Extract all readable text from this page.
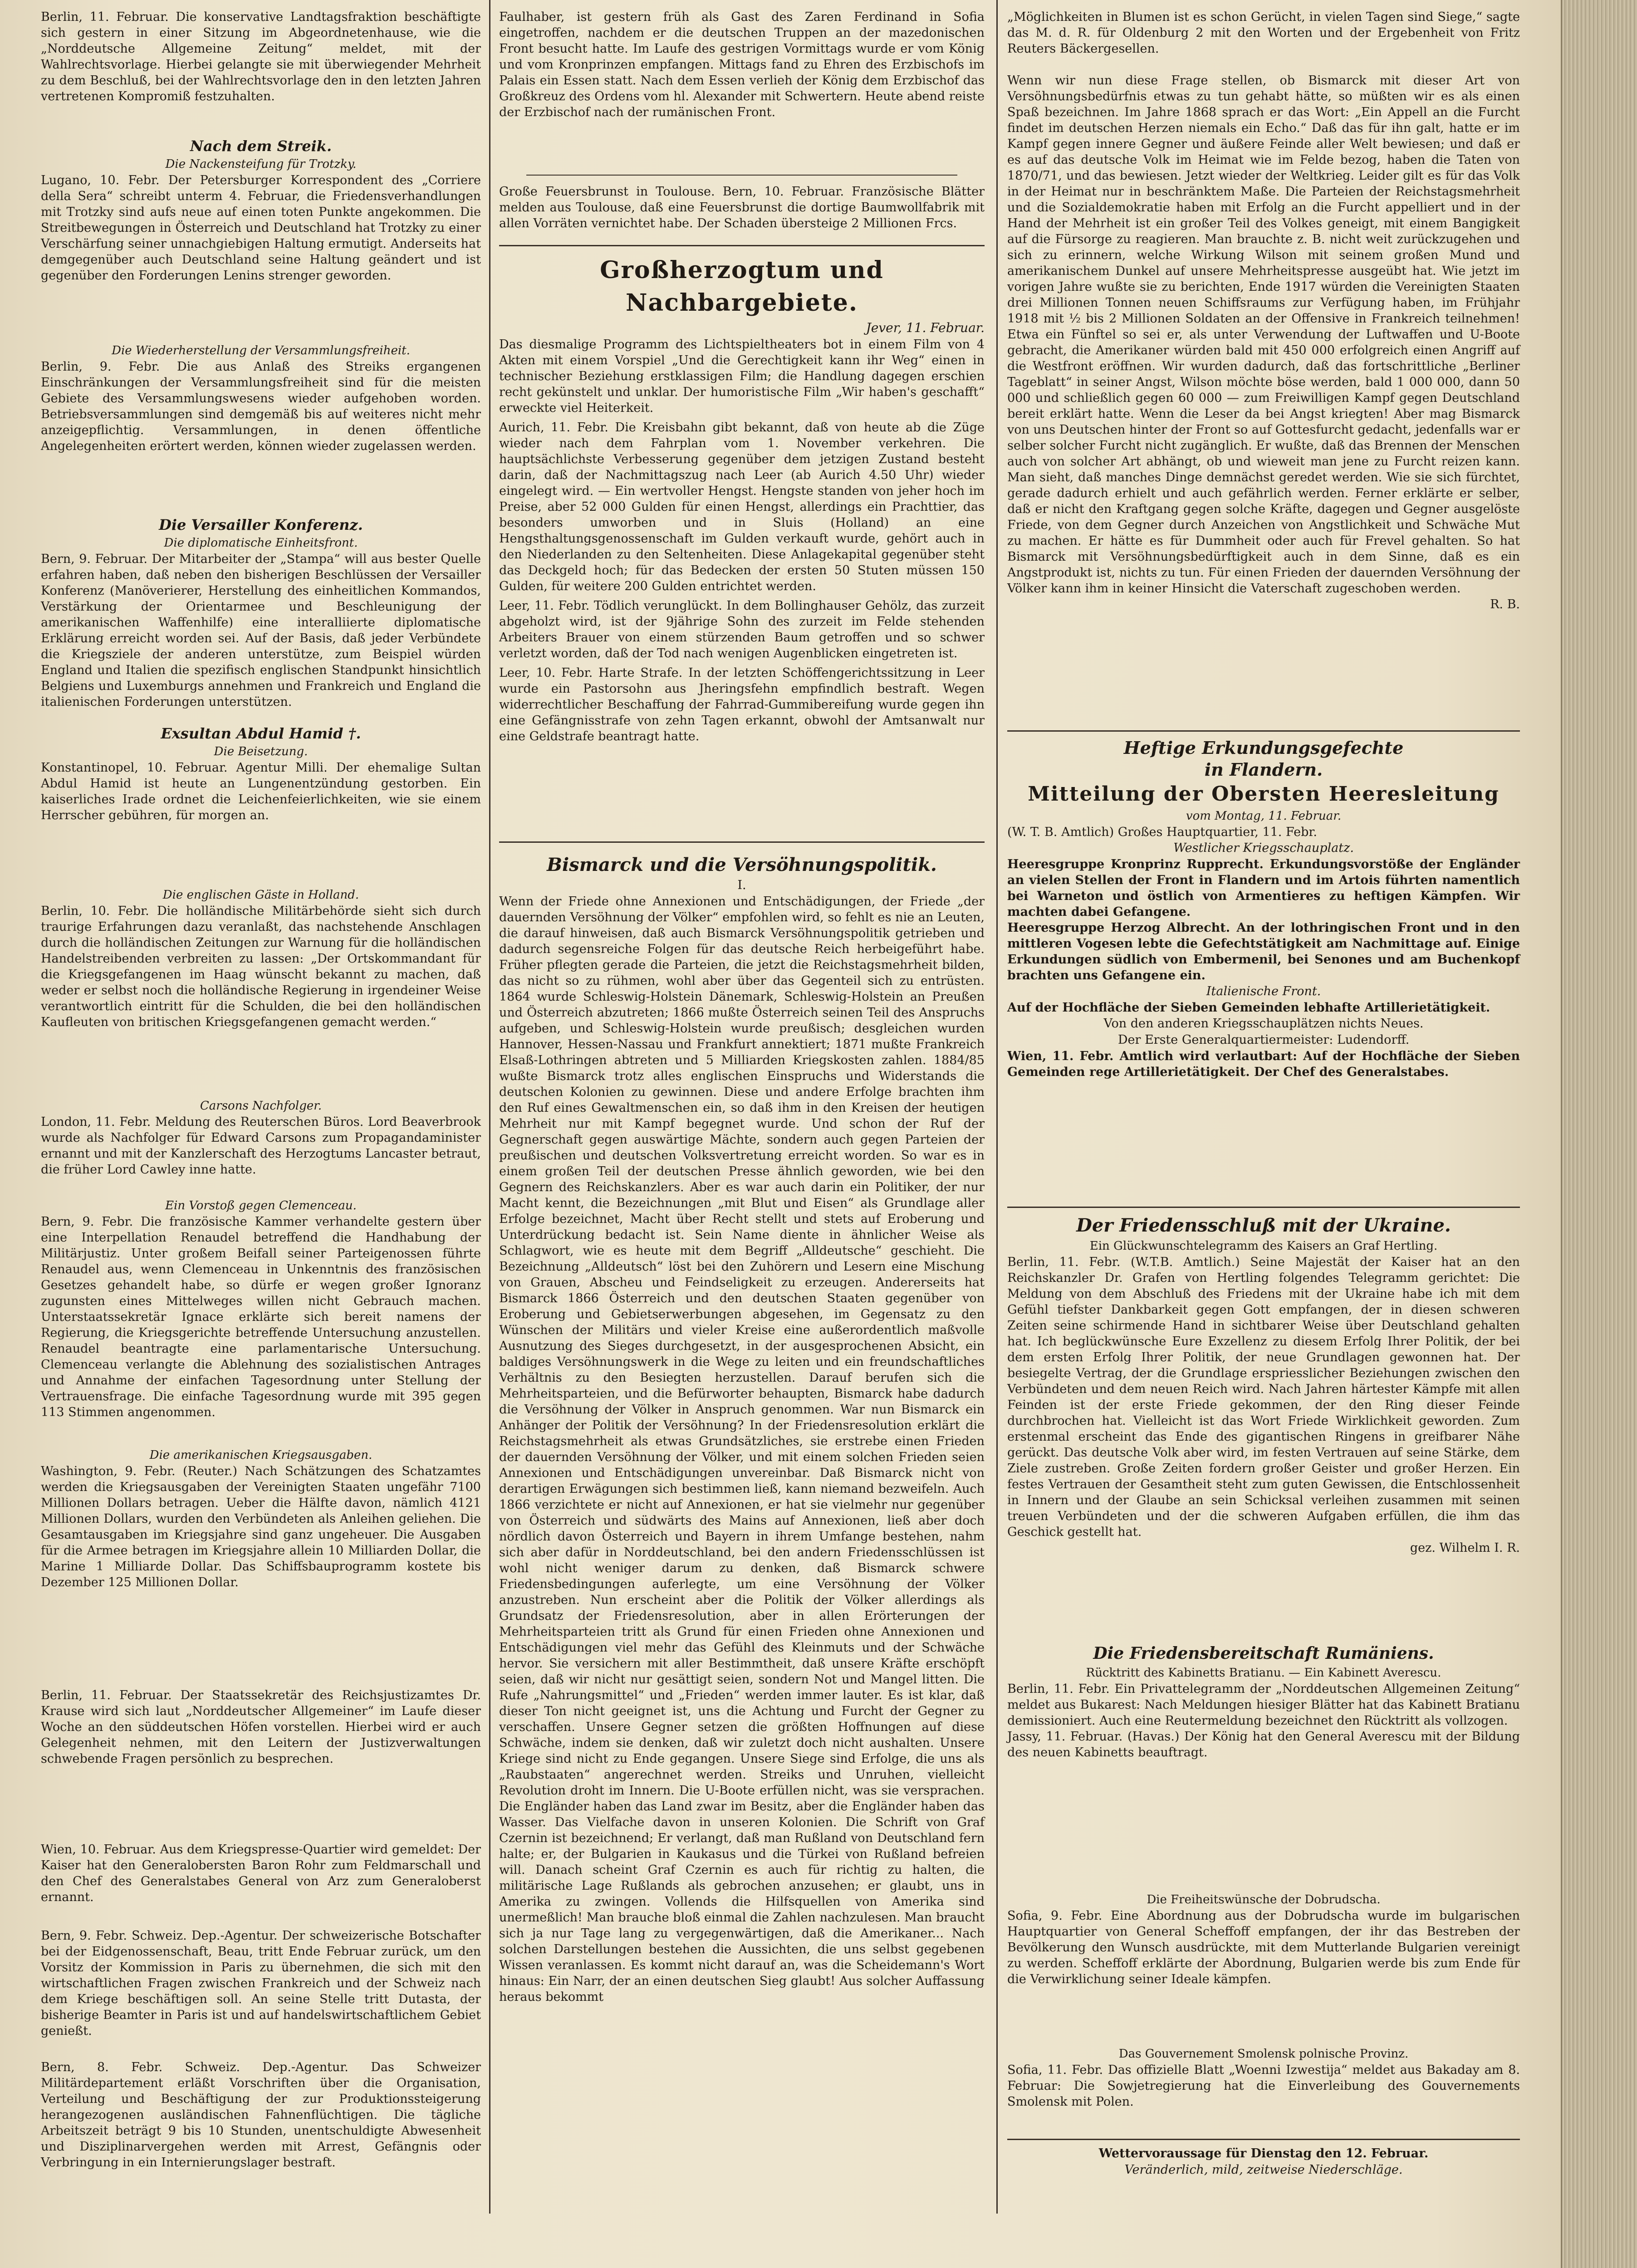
Berlin, 11. Februar. Die konservative Landtagsfraktion beschäftigte sich gestern in einer Sitzung im Abgeordnetenhause, wie die „Norddeutsche Allgemeine Zeitung“ meldet, mit der Wahlrechtsvorlage. Hierbei gelangte sie mit überwiegender Mehrheit zu dem Beschluß, bei der Wahlrechtsvorlage den in den letzten Jahren vertretenen Kompromiß festzuhalten.

Nach dem Streik.

Die Nackensteifung für Trotzky.

Lugano, 10. Febr. Der Petersburger Korrespondent des „Corriere della Sera“ schreibt unterm 4. Februar, die Friedensverhandlungen mit Trotzky sind aufs neue auf einen toten Punkte angekommen. Die Streitbewegungen in Österreich und Deutschland hat Trotzky zu einer Verschärfung seiner unnachgiebigen Haltung ermutigt. Anderseits hat demgegenüber auch Deutschland seine Haltung geändert und ist gegenüber den Forderungen Lenins strenger geworden.

Die Wiederherstellung der Versammlungsfreiheit.

Berlin, 9. Febr. Die aus Anlaß des Streiks ergangenen Einschränkungen der Versammlungsfreiheit sind für die meisten Gebiete des Versammlungswesens wieder aufgehoben worden. Betriebsversammlungen sind demgemäß bis auf weiteres nicht mehr anzeigepflichtig. Versammlungen, in denen öffentliche Angelegenheiten erörtert werden, können wieder zugelassen werden.

Die Versailler Konferenz.

Die diplomatische Einheitsfront.

Bern, 9. Februar. Der Mitarbeiter der „Stampa“ will aus bester Quelle erfahren haben, daß neben den bisherigen Beschlüssen der Versailler Konferenz (Manöverierer, Herstellung des einheitlichen Kommandos, Verstärkung der Orientarmee und Beschleunigung der amerikanischen Waffenhilfe) eine interalliierte diplomatische Erklärung erreicht worden sei. Auf der Basis, daß jeder Verbündete die Kriegsziele der anderen unterstütze, zum Beispiel würden England und Italien die spezifisch englischen Standpunkt hinsichtlich Belgiens und Luxemburgs annehmen und Frankreich und England die italienischen Forderungen unterstützen.

Exsultan Abdul Hamid †.

Die Beisetzung.

Konstantinopel, 10. Februar. Agentur Milli. Der ehemalige Sultan Abdul Hamid ist heute an Lungenentzündung gestorben. Ein kaiserliches Irade ordnet die Leichenfeierlichkeiten, wie sie einem Herrscher gebühren, für morgen an.

Die englischen Gäste in Holland.

Berlin, 10. Febr. Die holländische Militärbehörde sieht sich durch traurige Erfahrungen dazu veranlaßt, das nachstehende Anschlagen durch die holländischen Zeitungen zur Warnung für die holländischen Handelstreibenden verbreiten zu lassen: „Der Ortskommandant für die Kriegsgefangenen im Haag wünscht bekannt zu machen, daß weder er selbst noch die holländische Regierung in irgendeiner Weise verantwortlich eintritt für die Schulden, die bei den holländischen Kaufleuten von britischen Kriegsgefangenen gemacht werden.“

Carsons Nachfolger.

London, 11. Febr. Meldung des Reuterschen Büros. Lord Beaverbrook wurde als Nachfolger für Edward Carsons zum Propagandaminister ernannt und mit der Kanzlerschaft des Herzogtums Lancaster betraut, die früher Lord Cawley inne hatte.

Ein Vorstoß gegen Clemenceau.

Bern, 9. Febr. Die französische Kammer verhandelte gestern über eine Interpellation Renaudel betreffend die Handhabung der Militärjustiz. Unter großem Beifall seiner Parteigenossen führte Renaudel aus, wenn Clemenceau in Unkenntnis des französischen Gesetzes gehandelt habe, so dürfe er wegen großer Ignoranz zugunsten eines Mittelweges willen nicht Gebrauch machen. Unterstaatssekretär Ignace erklärte sich bereit namens der Regierung, die Kriegsgerichte betreffende Untersuchung anzustellen. Renaudel beantragte eine parlamentarische Untersuchung. Clemenceau verlangte die Ablehnung des sozialistischen Antrages und Annahme der einfachen Tagesordnung unter Stellung der Vertrauensfrage. Die einfache Tagesordnung wurde mit 395 gegen 113 Stimmen angenommen.

Die amerikanischen Kriegsausgaben.

Washington, 9. Febr. (Reuter.) Nach Schätzungen des Schatzamtes werden die Kriegsausgaben der Vereinigten Staaten ungefähr 7100 Millionen Dollars betragen. Ueber die Hälfte davon, nämlich 4121 Millionen Dollars, wurden den Verbündeten als Anleihen geliehen. Die Gesamtausgaben im Kriegsjahre sind ganz ungeheuer. Die Ausgaben für die Armee betragen im Kriegsjahre allein 10 Milliarden Dollar, die Marine 1 Milliarde Dollar. Das Schiffsbauprogramm kostete bis Dezember 125 Millionen Dollar.

Berlin, 11. Februar. Der Staatssekretär des Reichsjustizamtes Dr. Krause wird sich laut „Norddeutscher Allgemeiner“ im Laufe dieser Woche an den süddeutschen Höfen vorstellen. Hierbei wird er auch Gelegenheit nehmen, mit den Leitern der Justizverwaltungen schwebende Fragen persönlich zu besprechen.

Wien, 10. Februar. Aus dem Kriegspresse-Quartier wird gemeldet: Der Kaiser hat den Generalobersten Baron Rohr zum Feldmarschall und den Chef des Generalstabes General von Arz zum Generaloberst ernannt.

Bern, 9. Febr. Schweiz. Dep.-Agentur. Der schweizerische Botschafter bei der Eidgenossenschaft, Beau, tritt Ende Februar zurück, um den Vorsitz der Kommission in Paris zu übernehmen, die sich mit den wirtschaftlichen Fragen zwischen Frankreich und der Schweiz nach dem Kriege beschäftigen soll. An seine Stelle tritt Dutasta, der bisherige Beamter in Paris ist und auf handelswirtschaftlichem Gebiet genießt.

Bern, 8. Febr. Schweiz. Dep.-Agentur. Das Schweizer Militärdepartement erläßt Vorschriften über die Organisation, Verteilung und Beschäftigung der zur Produktionssteigerung herangezogenen ausländischen Fahnenflüchtigen. Die tägliche Arbeitszeit beträgt 9 bis 10 Stunden, unentschuldigte Abwesenheit und Disziplinarvergehen werden mit Arrest, Gefängnis oder Verbringung in ein Internierungslager bestraft.

Faulhaber, ist gestern früh als Gast des Zaren Ferdinand in Sofia eingetroffen, nachdem er die deutschen Truppen an der mazedonischen Front besucht hatte. Im Laufe des gestrigen Vormittags wurde er vom König und vom Kronprinzen empfangen. Mittags fand zu Ehren des Erzbischofs im Palais ein Essen statt. Nach dem Essen verlieh der König dem Erzbischof das Großkreuz des Ordens vom hl. Alexander mit Schwertern. Heute abend reiste der Erzbischof nach der rumänischen Front.

Große Feuersbrunst in Toulouse. Bern, 10. Februar. Französische Blätter melden aus Toulouse, daß eine Feuersbrunst die dortige Baumwollfabrik mit allen Vorräten vernichtet habe. Der Schaden übersteige 2 Millionen Frcs.

Großherzogtum und Nachbargebiete.

Jever, 11. Februar.

Das diesmalige Programm des Lichtspieltheaters bot in einem Film von 4 Akten mit einem Vorspiel „Und die Gerechtigkeit kann ihr Weg“ einen in technischer Beziehung erstklassigen Film; die Handlung dagegen erschien recht gekünstelt und unklar. Der humoristische Film „Wir haben's geschafft“ erweckte viel Heiterkeit.

Aurich, 11. Febr. Die Kreisbahn gibt bekannt, daß von heute ab die Züge wieder nach dem Fahrplan vom 1. November verkehren. Die hauptsächlichste Verbesserung gegenüber dem jetzigen Zustand besteht darin, daß der Nachmittagszug nach Leer (ab Aurich 4.50 Uhr) wieder eingelegt wird. — Ein wertvoller Hengst. Hengste standen von jeher hoch im Preise, aber 52 000 Gulden für einen Hengst, allerdings ein Prachttier, das besonders umworben und in Sluis (Holland) an eine Hengsthaltungsgenossenschaft im Gulden verkauft wurde, gehört auch in den Niederlanden zu den Seltenheiten. Diese Anlagekapital gegenüber steht das Deckgeld hoch; für das Bedecken der ersten 50 Stuten müssen 150 Gulden, für weitere 200 Gulden entrichtet werden.

Leer, 11. Febr. Tödlich verunglückt. In dem Bollinghauser Gehölz, das zurzeit abgeholzt wird, ist der 9jährige Sohn des zurzeit im Felde stehenden Arbeiters Brauer von einem stürzenden Baum getroffen und so schwer verletzt worden, daß der Tod nach wenigen Augenblicken eingetreten ist.

Leer, 10. Febr. Harte Strafe. In der letzten Schöffengerichtssitzung in Leer wurde ein Pastorsohn aus Jheringsfehn empfindlich bestraft. Wegen widerrechtlicher Beschaffung der Fahrrad-Gummibereifung wurde gegen ihn eine Gefängnisstrafe von zehn Tagen erkannt, obwohl der Amtsanwalt nur eine Geldstrafe beantragt hatte.

Bismarck und die Versöhnungspolitik.

I.

Wenn der Friede ohne Annexionen und Entschädigungen, der Friede „der dauernden Versöhnung der Völker“ empfohlen wird, so fehlt es nie an Leuten, die darauf hinweisen, daß auch Bismarck Versöhnungspolitik getrieben und dadurch segensreiche Folgen für das deutsche Reich herbeigeführt habe. Früher pflegten gerade die Parteien, die jetzt die Reichstagsmehrheit bilden, das nicht so zu rühmen, wohl aber über das Gegenteil sich zu entrüsten. 1864 wurde Schleswig-Holstein Dänemark, Schleswig-Holstein an Preußen und Österreich abzutreten; 1866 mußte Österreich seinen Teil des Anspruchs aufgeben, und Schleswig-Holstein wurde preußisch; desgleichen wurden Hannover, Hessen-Nassau und Frankfurt annektiert; 1871 mußte Frankreich Elsaß-Lothringen abtreten und 5 Milliarden Kriegskosten zahlen. 1884/85 wußte Bismarck trotz alles englischen Einspruchs und Widerstands die deutschen Kolonien zu gewinnen. Diese und andere Erfolge brachten ihm den Ruf eines Gewaltmenschen ein, so daß ihm in den Kreisen der heutigen Mehrheit nur mit Kampf begegnet wurde. Und schon der Ruf der Gegnerschaft gegen auswärtige Mächte, sondern auch gegen Parteien der preußischen und deutschen Volksvertretung erreicht worden. So war es in einem großen Teil der deutschen Presse ähnlich geworden, wie bei den Gegnern des Reichskanzlers. Aber es war auch darin ein Politiker, der nur Macht kennt, die Bezeichnungen „mit Blut und Eisen“ als Grundlage aller Erfolge bezeichnet, Macht über Recht stellt und stets auf Eroberung und Unterdrückung bedacht ist. Sein Name diente in ähnlicher Weise als Schlagwort, wie es heute mit dem Begriff „Alldeutsche“ geschieht. Die Bezeichnung „Alldeutsch“ löst bei den Zuhörern und Lesern eine Mischung von Grauen, Abscheu und Feindseligkeit zu erzeugen. Andererseits hat Bismarck 1866 Österreich und den deutschen Staaten gegenüber von Eroberung und Gebietserwerbungen abgesehen, im Gegensatz zu den Wünschen der Militärs und vieler Kreise eine außerordentlich maßvolle Ausnutzung des Sieges durchgesetzt, in der ausgesprochenen Absicht, ein baldiges Versöhnungswerk in die Wege zu leiten und ein freundschaftliches Verhältnis zu den Besiegten herzustellen. Darauf berufen sich die Mehrheitsparteien, und die Befürworter behaupten, Bismarck habe dadurch die Versöhnung der Völker in Anspruch genommen. War nun Bismarck ein Anhänger der Politik der Versöhnung? In der Friedensresolution erklärt die Reichstagsmehrheit als etwas Grundsätzliches, sie erstrebe einen Frieden der dauernden Versöhnung der Völker, und mit einem solchen Frieden seien Annexionen und Entschädigungen unvereinbar. Daß Bismarck nicht von derartigen Erwägungen sich bestimmen ließ, kann niemand bezweifeln. Auch 1866 verzichtete er nicht auf Annexionen, er hat sie vielmehr nur gegenüber von Österreich und südwärts des Mains auf Annexionen, ließ aber doch nördlich davon Österreich und Bayern in ihrem Umfange bestehen, nahm sich aber dafür in Norddeutschland, bei den andern Friedensschlüssen ist wohl nicht weniger darum zu denken, daß Bismarck schwere Friedensbedingungen auferlegte, um eine Versöhnung der Völker anzustreben. Nun erscheint aber die Politik der Völker allerdings als Grundsatz der Friedensresolution, aber in allen Erörterungen der Mehrheitsparteien tritt als Grund für einen Frieden ohne Annexionen und Entschädigungen viel mehr das Gefühl des Kleinmuts und der Schwäche hervor. Sie versichern mit aller Bestimmtheit, daß unsere Kräfte erschöpft seien, daß wir nicht nur gesättigt seien, sondern Not und Mangel litten. Die Rufe „Nahrungsmittel“ und „Frieden“ werden immer lauter. Es ist klar, daß dieser Ton nicht geeignet ist, uns die Achtung und Furcht der Gegner zu verschaffen. Unsere Gegner setzen die größten Hoffnungen auf diese Schwäche, indem sie denken, daß wir zuletzt doch nicht aushalten. Unsere Kriege sind nicht zu Ende gegangen. Unsere Siege sind Erfolge, die uns als „Raubstaaten“ angerechnet werden. Streiks und Unruhen, vielleicht Revolution droht im Innern. Die U-Boote erfüllen nicht, was sie versprachen. Die Engländer haben das Land zwar im Besitz, aber die Engländer haben das Wasser. Das Vielfache davon in unseren Kolonien. Die Schrift von Graf Czernin ist bezeichnend; Er verlangt, daß man Rußland von Deutschland fern halte; er, der Bulgarien in Kaukasus und die Türkei von Rußland befreien will. Danach scheint Graf Czernin es auch für richtig zu halten, die militärische Lage Rußlands als gebrochen anzusehen; er glaubt, uns in Amerika zu zwingen. Vollends die Hilfsquellen von Amerika sind unermeßlich! Man brauche bloß einmal die Zahlen nachzulesen. Man braucht sich ja nur Tage lang zu vergegenwärtigen, daß die Amerikaner... Nach solchen Darstellungen bestehen die Aussichten, die uns selbst gegebenen Wissen veranlassen. Es kommt nicht darauf an, was die Scheidemann's Wort hinaus: Ein Narr, der an einen deutschen Sieg glaubt! Aus solcher Auffassung heraus bekommt

„Möglichkeiten in Blumen ist es schon Gerücht, in vielen Tagen sind Siege,“ sagte das M. d. R. für Oldenburg 2 mit den Worten und der Ergebenheit von Fritz Reuters Bäckergesellen.

Wenn wir nun diese Frage stellen, ob Bismarck mit dieser Art von Versöhnungsbedürfnis etwas zu tun gehabt hätte, so müßten wir es als einen Spaß bezeichnen. Im Jahre 1868 sprach er das Wort: „Ein Appell an die Furcht findet im deutschen Herzen niemals ein Echo.“ Daß das für ihn galt, hatte er im Kampf gegen innere Gegner und äußere Feinde aller Welt bewiesen; und daß er es auf das deutsche Volk im Heimat wie im Felde bezog, haben die Taten von 1870/71, und das bewiesen. Jetzt wieder der Weltkrieg. Leider gilt es für das Volk in der Heimat nur in beschränktem Maße. Die Parteien der Reichstagsmehrheit und die Sozialdemokratie haben mit Erfolg an die Furcht appelliert und in der Hand der Mehrheit ist ein großer Teil des Volkes geneigt, mit einem Bangigkeit auf die Fürsorge zu reagieren. Man brauchte z. B. nicht weit zurückzugehen und sich zu erinnern, welche Wirkung Wilson mit seinem großen Mund und amerikanischem Dunkel auf unsere Mehrheitspresse ausgeübt hat. Wie jetzt im vorigen Jahre wußte sie zu berichten, Ende 1917 würden die Vereinigten Staaten drei Millionen Tonnen neuen Schiffsraums zur Verfügung haben, im Frühjahr 1918 mit ½ bis 2 Millionen Soldaten an der Offensive in Frankreich teilnehmen! Etwa ein Fünftel so sei er, als unter Verwendung der Luftwaffen und U-Boote gebracht, die Amerikaner würden bald mit 450 000 erfolgreich einen Angriff auf die Westfront eröffnen. Wir wurden dadurch, daß das fortschrittliche „Berliner Tageblatt“ in seiner Angst, Wilson möchte böse werden, bald 1 000 000, dann 50 000 und schließlich gegen 60 000 — zum Freiwilligen Kampf gegen Deutschland bereit erklärt hatte. Wenn die Leser da bei Angst kriegten! Aber mag Bismarck von uns Deutschen hinter der Front so auf Gottesfurcht gedacht, jedenfalls war er selber solcher Furcht nicht zugänglich. Er wußte, daß das Brennen der Menschen auch von solcher Art abhängt, ob und wieweit man jene zu Furcht reizen kann. Man sieht, daß manches Dinge demnächst geredet werden. Wie sie sich fürchtet, gerade dadurch erhielt und auch gefährlich werden. Ferner erklärte er selber, daß er nicht den Kraftgang gegen solche Kräfte, dagegen und Gegner ausgelöste Friede, von dem Gegner durch Anzeichen von Angstlichkeit und Schwäche Mut zu machen. Er hätte es für Dummheit oder auch für Frevel gehalten. So hat Bismarck mit Versöhnungsbedürftigkeit auch in dem Sinne, daß es ein Angstprodukt ist, nichts zu tun. Für einen Frieden der dauernden Versöhnung der Völker kann ihm in keiner Hinsicht die Vaterschaft zugeschoben werden.

R. B.

Heftige Erkundungsgefechte

in Flandern.

Mitteilung der Obersten Heeresleitung

vom Montag, 11. Februar.

(W. T. B. Amtlich) Großes Hauptquartier, 11. Febr.

Westlicher Kriegsschauplatz.

Heeresgruppe Kronprinz Rupprecht. Erkundungsvorstöße der Engländer an vielen Stellen der Front in Flandern und im Artois führten namentlich bei Warneton und östlich von Armentieres zu heftigen Kämpfen. Wir machten dabei Gefangene.

Heeresgruppe Herzog Albrecht. An der lothringischen Front und in den mittleren Vogesen lebte die Gefechtstätigkeit am Nachmittage auf. Einige Erkundungen südlich von Embermenil, bei Senones und am Buchenkopf brachten uns Gefangene ein.

Italienische Front.

Auf der Hochfläche der Sieben Gemeinden lebhafte Artillerietätigkeit.

Von den anderen Kriegsschauplätzen nichts Neues.

Der Erste Generalquartiermeister: Ludendorff.

Wien, 11. Febr. Amtlich wird verlautbart: Auf der Hochfläche der Sieben Gemeinden rege Artillerietätigkeit. Der Chef des Generalstabes.

Der Friedensschluß mit der Ukraine.

Ein Glückwunschtelegramm des Kaisers an Graf Hertling.

Berlin, 11. Febr. (W.T.B. Amtlich.) Seine Majestät der Kaiser hat an den Reichskanzler Dr. Grafen von Hertling folgendes Telegramm gerichtet: Die Meldung von dem Abschluß des Friedens mit der Ukraine habe ich mit dem Gefühl tiefster Dankbarkeit gegen Gott empfangen, der in diesen schweren Zeiten seine schirmende Hand in sichtbarer Weise über Deutschland gehalten hat. Ich beglückwünsche Eure Exzellenz zu diesem Erfolg Ihrer Politik, der bei dem ersten Erfolg Ihrer Politik, der neue Grundlagen gewonnen hat. Der besiegelte Vertrag, der die Grundlage erspriesslicher Beziehungen zwischen den Verbündeten und dem neuen Reich wird. Nach Jahren härtester Kämpfe mit allen Feinden ist der erste Friede gekommen, der den Ring dieser Feinde durchbrochen hat. Vielleicht ist das Wort Friede Wirklichkeit geworden. Zum erstenmal erscheint das Ende des gigantischen Ringens in greifbarer Nähe gerückt. Das deutsche Volk aber wird, im festen Vertrauen auf seine Stärke, dem Ziele zustreben. Große Zeiten fordern großer Geister und großer Herzen. Ein festes Vertrauen der Gesamtheit steht zum guten Gewissen, die Entschlossenheit in Innern und der Glaube an sein Schicksal verleihen zusammen mit seinen treuen Verbündeten und der die schweren Aufgaben erfüllen, die ihm das Geschick gestellt hat.

gez. Wilhelm I. R.

Die Friedensbereitschaft Rumäniens.

Rücktritt des Kabinetts Bratianu. — Ein Kabinett Averescu.

Berlin, 11. Febr. Ein Privattelegramm der „Norddeutschen Allgemeinen Zeitung“ meldet aus Bukarest: Nach Meldungen hiesiger Blätter hat das Kabinett Bratianu demissioniert. Auch eine Reutermeldung bezeichnet den Rücktritt als vollzogen.

Jassy, 11. Februar. (Havas.) Der König hat den General Averescu mit der Bildung des neuen Kabinetts beauftragt.

Die Freiheitswünsche der Dobrudscha.

Sofia, 9. Febr. Eine Abordnung aus der Dobrudscha wurde im bulgarischen Hauptquartier von General Scheffoff empfangen, der ihr das Bestreben der Bevölkerung den Wunsch ausdrückte, mit dem Mutterlande Bulgarien vereinigt zu werden. Scheffoff erklärte der Abordnung, Bulgarien werde bis zum Ende für die Verwirklichung seiner Ideale kämpfen.

Das Gouvernement Smolensk polnische Provinz.

Sofia, 11. Febr. Das offizielle Blatt „Woenni Izwestija“ meldet aus Bakaday am 8. Februar: Die Sowjetregierung hat die Einverleibung des Gouvernements Smolensk mit Polen.

Wettervoraussage für Dienstag den 12. Februar.

Veränderlich, mild, zeitweise Niederschläge.
